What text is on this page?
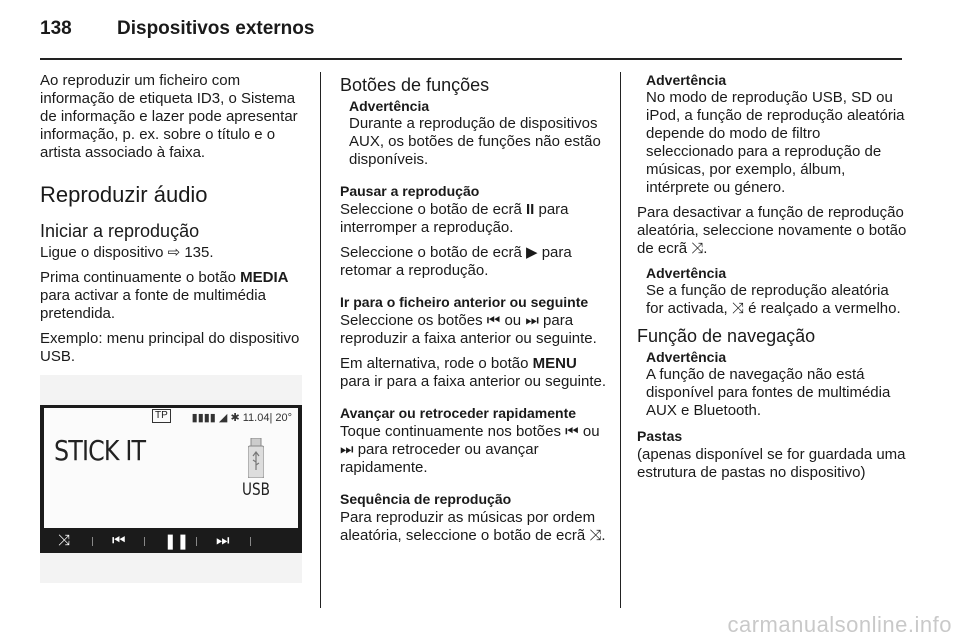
138 Dispositivos externos

Ao reproduzir um ficheiro com informação de etiqueta ID3, o Sistema de informação e lazer pode apresentar informação, p. ex. sobre o título e o artista associado à faixa.

Reproduzir áudio
Iniciar a reprodução

Ligue o dispositivo ⇨ 135.

Prima continuamente o botão MEDIA para activar a fonte de multimédia pretendida.

Exemplo: menu principal do dispositivo USB.

TP ▮▮▮▮ ◢ ✱ 11.04| 20°
STICK IT
USB
⤨	⏮	❚❚ ⏭
Botões de funções
Advertência
Durante a reprodução de dispositivos AUX, os botões de funções não estão disponíveis.
Pausar a reprodução

Seleccione o botão de ecrã II para interromper a reprodução.

Seleccione o botão de ecrã ▶ para retomar a reprodução.

Ir para o ficheiro anterior ou seguinte

Seleccione os botões ⏮ ou ⏭ para reproduzir a faixa anterior ou seguinte.

Em alternativa, rode o botão MENU para ir para a faixa anterior ou seguinte.

Avançar ou retroceder rapidamente

Toque continuamente nos botões ⏮ ou ⏭ para retroceder ou avançar rapidamente.

Sequência de reprodução

Para reproduzir as músicas por ordem aleatória, seleccione o botão de ecrã ⤨.

Advertência
No modo de reprodução USB, SD ou iPod, a função de reprodução aleatória depende do modo de filtro seleccionado para a reprodução de músicas, por exemplo, álbum, intérprete ou género.

Para desactivar a função de reprodução aleatória, seleccione novamente o botão de ecrã ⤨.

Advertência
Se a função de reprodução aleatória for activada, ⤨ é realçado a vermelho.
Função de navegação
Advertência
A função de navegação não está disponível para fontes de multimédia AUX e Bluetooth.
Pastas

(apenas disponível se for guardada uma estrutura de pastas no dispositivo)

carmanualsonline.info
